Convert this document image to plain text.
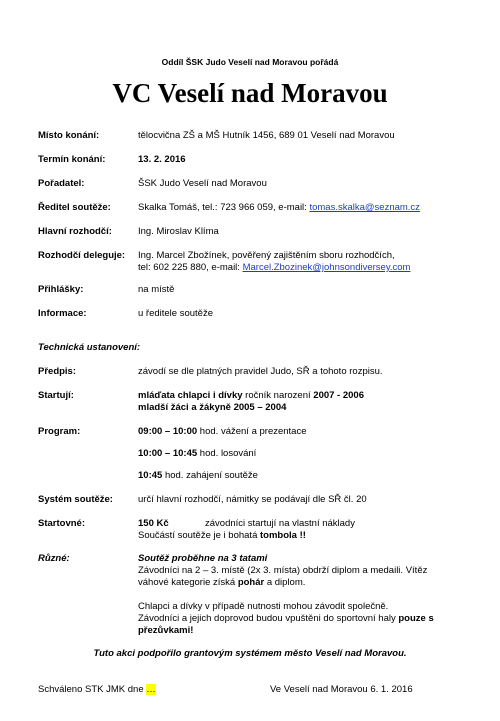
Oddíl ŠSK Judo Veselí nad Moravou pořádá
VC Veselí nad Moravou
Místo konání:	tělocvična ZŠ a MŠ Hutník 1456, 689 01 Veselí nad Moravou
Termín konání:	13. 2. 2016
Pořadatel:	ŠSK Judo Veselí nad Moravou
Ředitel soutěže:	Skalka Tomáš, tel.: 723 966 059, e-mail: tomas.skalka@seznam.cz
Hlavní rozhodčí:	Ing. Miroslav Klíma
Rozhodčí deleguje: Ing. Marcel Zbožínek, pověřený zajištěním sboru rozhodčích,
tel: 602 225 880, e-mail: Marcel.Zbozinek@johnsondiversey.com
Přihlášky:	na místě
Informace:	u ředitele soutěže
Technická ustanovení:
Předpis:	závodí se dle platných pravidel Judo, SŘ a tohoto rozpisu.
Startují:	mláďata chlapci i dívky ročník narození 2007 - 2006
mladší žáci a žákyně 2005 – 2004
Program:	09:00 – 10:00 hod. vážení a prezentace
10:00 – 10:45 hod. losování
10:45 hod. zahájení soutěže
Systém soutěže:	určí hlavní rozhodčí, námitky se podávají dle SŘ čl. 20
Startovné:	150 Kč	závodníci startují na vlastní náklady
Součástí soutěže je i bohatá tombola !!
Různé:	Soutěž proběhne na 3 tatami
Závodníci na 2 – 3. místě (2x 3. místa) obdrží diplom a medaili. Vítěz
váhové kategorie získá pohár a diplom.
Chlapci a dívky v případě nutnosti mohou závodit společně.
Závodníci a jejich doprovod budou vpuštěni do sportovní haly pouze s
přezůvkami!
Tuto akci podpořilo grantovým systémem město Veselí nad Moravou.
Schváleno STK JMK dne …	Ve Veselí nad Moravou 6. 1. 2016
